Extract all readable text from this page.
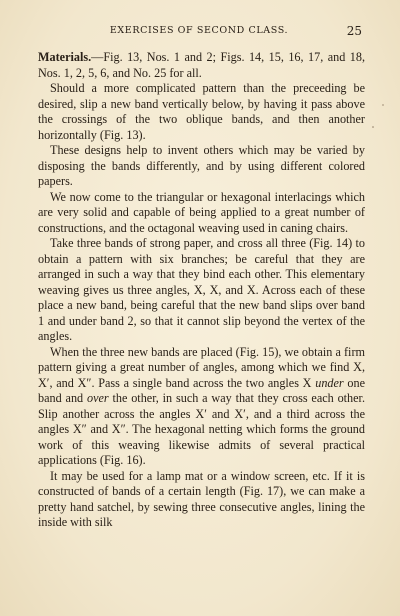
EXERCISES OF SECOND CLASS.	25

Materials.—Fig. 13, Nos. 1 and 2; Figs. 14, 15, 16, 17, and 18, Nos. 1, 2, 5, 6, and No. 25 for all.

Should a more complicated pattern than the preceeding be desired, slip a new band vertically below, by having it pass above the crossings of the two oblique bands, and then another horizontally (Fig. 13).

These designs help to invent others which may be varied by disposing the bands differently, and by using different colored papers.

We now come to the triangular or hexagonal interlacings which are very solid and capable of being applied to a great number of constructions, and the octagonal weaving used in caning chairs.

Take three bands of strong paper, and cross all three (Fig. 14) to obtain a pattern with six branches; be careful that they are arranged in such a way that they bind each other. This elementary weaving gives us three angles, X, X, and X. Across each of these place a new band, being careful that the new band slips over band 1 and under band 2, so that it cannot slip beyond the vertex of the angles.

When the three new bands are placed (Fig. 15), we obtain a firm pattern giving a great number of angles, among which we find X, X′, and X″. Pass a single band across the two angles X under one band and over the other, in such a way that they cross each other. Slip another across the angles X′ and X′, and a third across the angles X″ and X″. The hexagonal netting which forms the ground work of this weaving likewise admits of several practical applications (Fig. 16).

It may be used for a lamp mat or a window screen, etc. If it is constructed of bands of a certain length (Fig. 17), we can make a pretty hand satchel, by sewing three consecutive angles, lining the inside with silk
